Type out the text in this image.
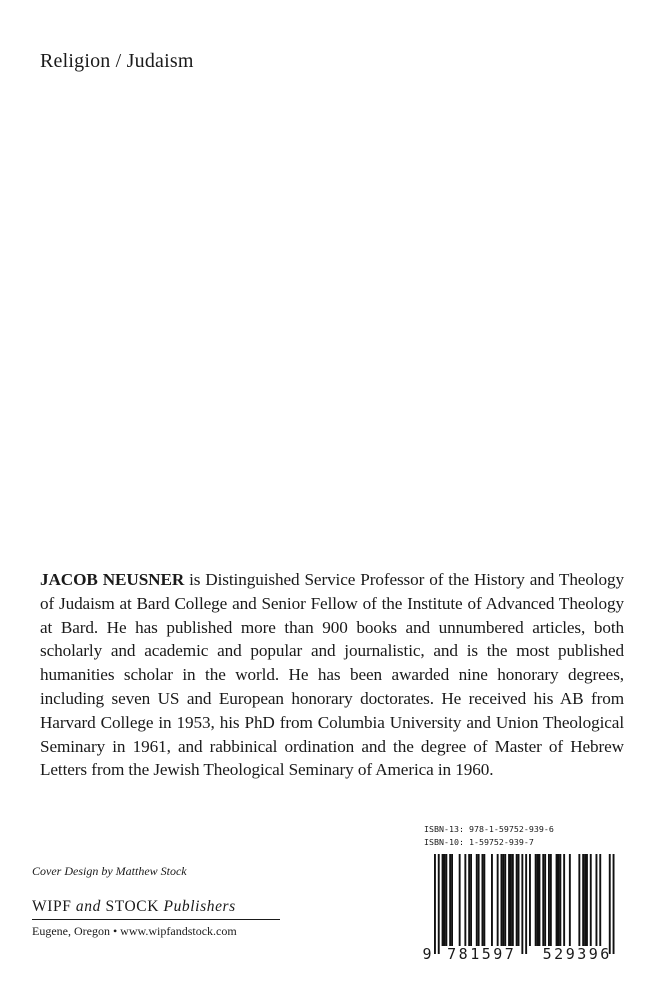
Religion / Judaism
JACOB NEUSNER is Distinguished Service Professor of the History and Theology of Judaism at Bard College and Senior Fellow of the Institute of Advanced Theology at Bard. He has published more than 900 books and unnumbered articles, both scholarly and academic and popular and journalistic, and is the most published humanities scholar in the world. He has been awarded nine honorary degrees, including seven US and European honorary doctorates. He received his AB from Harvard College in 1953, his PhD from Columbia University and Union Theological Seminary in 1961, and rabbinical ordination and the degree of Master of Hebrew Letters from the Jewish Theological Seminary of America in 1960.
Cover Design by Matthew Stock
WIPF and STOCK Publishers
Eugene, Oregon • www.wipfandstock.com
ISBN-13: 978-1-59752-939-6
ISBN-10: 1-59752-939-7
9	781597	529396
